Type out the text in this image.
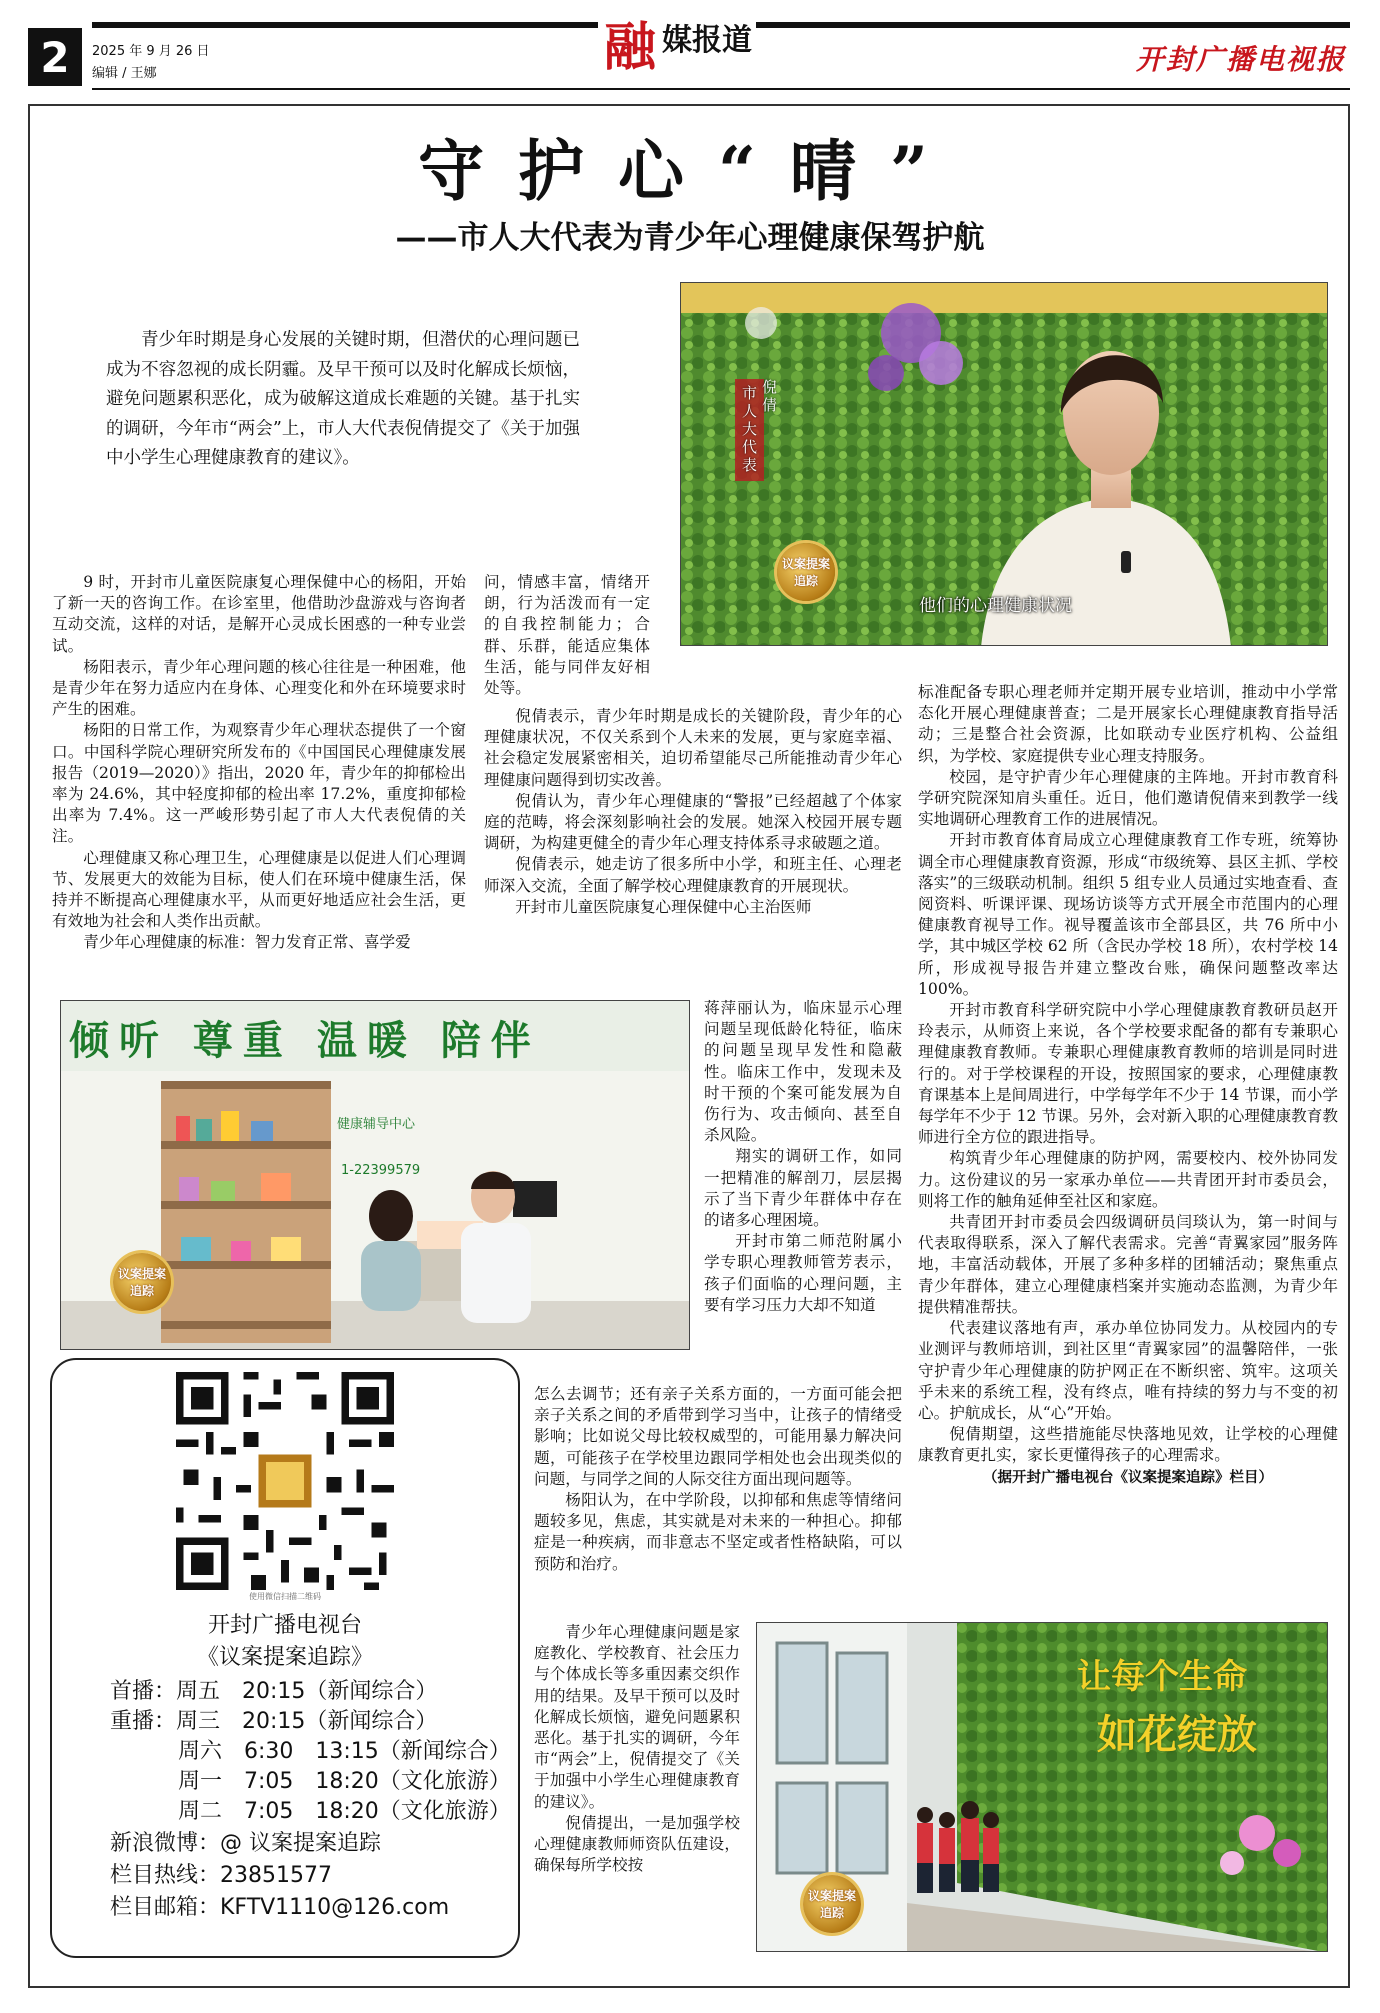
2	2025 年 9 月 26 日
编辑 / 王娜	融 媒报道
开封广播电视报
守护心“晴”
——市人大代表为青少年心理健康保驾护航
青少年时期是身心发展的关键时期，但潜伏的心理问题已成为不容忽视的成长阴霾。及早干预可以及时化解成长烦恼，避免问题累积恶化，成为破解这道成长难题的关键。基于扎实的调研，今年市“两会”上，市人大代表倪倩提交了《关于加强中小学生心理健康教育的建议》。	市人大代表 倪倩
议案提案追踪
他们的心理健康状况

9 时，开封市儿童医院康复心理保健中心的杨阳，开始了新一天的咨询工作。在诊室里，他借助沙盘游戏与咨询者互动交流，这样的对话，是解开心灵成长困惑的一种专业尝试。

杨阳表示，青少年心理问题的核心往往是一种困难，他是青少年在努力适应内在身体、心理变化和外在环境要求时产生的困难。

杨阳的日常工作，为观察青少年心理状态提供了一个窗口。中国科学院心理研究所发布的《中国国民心理健康发展报告（2019—2020）》指出，2020 年，青少年的抑郁检出率为 24.6%，其中轻度抑郁的检出率 17.2%，重度抑郁检出率为 7.4%。这一严峻形势引起了市人大代表倪倩的关注。

心理健康又称心理卫生，心理健康是以促进人们心理调节、发展更大的效能为目标，使人们在环境中健康生活，保持并不断提高心理健康水平，从而更好地适应社会生活，更有效地为社会和人类作出贡献。

青少年心理健康的标准：智力发育正常、喜学爱

问，情感丰富，情绪开朗，行为活泼而有一定的自我控制能力；合群、乐群，能适应集体生活，能与同伴友好相处等。

倪倩表示，青少年时期是成长的关键阶段，青少年的心理健康状况，不仅关系到个人未来的发展，更与家庭幸福、社会稳定发展紧密相关，迫切希望能尽己所能推动青少年心理健康问题得到切实改善。

倪倩认为，青少年心理健康的“警报”已经超越了个体家庭的范畴，将会深刻影响社会的发展。她深入校园开展专题调研，为构建更健全的青少年心理支持体系寻求破题之道。

倪倩表示，她走访了很多所中小学，和班主任、心理老师深入交流，全面了解学校心理健康教育的开展现状。

开封市儿童医院康复心理保健中心主治医师

倾听 尊重 温暖 陪伴
健康辅导中心
1-22399579
议案提案追踪

蒋萍丽认为，临床显示心理问题呈现低龄化特征，临床的问题呈现早发性和隐蔽性。临床工作中，发现未及时干预的个案可能发展为自伤行为、攻击倾向、甚至自杀风险。

翔实的调研工作，如同一把精准的解剖刀，层层揭示了当下青少年群体中存在的诸多心理困境。

开封市第二师范附属小学专职心理教师管芳表示，孩子们面临的心理问题，主要有学习压力大却不知道

怎么去调节；还有亲子关系方面的，一方面可能会把亲子关系之间的矛盾带到学习当中，让孩子的情绪受影响；比如说父母比较权威型的，可能用暴力解决问题，可能孩子在学校里边跟同学相处也会出现类似的问题，与同学之间的人际交往方面出现问题等。

杨阳认为，在中学阶段，以抑郁和焦虑等情绪问题较多见，焦虑，其实就是对未来的一种担心。抑郁症是一种疾病，而非意志不坚定或者性格缺陷，可以预防和治疗。

青少年心理健康问题是家庭教化、学校教育、社会压力与个体成长等多重因素交织作用的结果。及早干预可以及时化解成长烦恼，避免问题累积恶化。基于扎实的调研，今年市“两会”上，倪倩提交了《关于加强中小学生心理健康教育的建议》。

倪倩提出，一是加强学校心理健康教师师资队伍建设，确保每所学校按

标准配备专职心理老师并定期开展专业培训，推动中小学常态化开展心理健康普查；二是开展家长心理健康教育指导活动；三是整合社会资源，比如联动专业医疗机构、公益组织，为学校、家庭提供专业心理支持服务。

校园，是守护青少年心理健康的主阵地。开封市教育科学研究院深知肩头重任。近日，他们邀请倪倩来到教学一线实地调研心理教育工作的进展情况。

开封市教育体育局成立心理健康教育工作专班，统筹协调全市心理健康教育资源，形成“市级统筹、县区主抓、学校落实”的三级联动机制。组织 5 组专业人员通过实地查看、查阅资料、听课评课、现场访谈等方式开展全市范围内的心理健康教育视导工作。视导覆盖该市全部县区，共 76 所中小学，其中城区学校 62 所（含民办学校 18 所），农村学校 14 所，形成视导报告并建立整改台账，确保问题整改率达 100%。

开封市教育科学研究院中小学心理健康教育教研员赵开玲表示，从师资上来说，各个学校要求配备的都有专兼职心理健康教育教师。专兼职心理健康教育教师的培训是同时进行的。对于学校课程的开设，按照国家的要求，心理健康教育课基本上是间周进行，中学每学年不少于 14 节课，而小学每学年不少于 12 节课。另外，会对新入职的心理健康教育教师进行全方位的跟进指导。

构筑青少年心理健康的防护网，需要校内、校外协同发力。这份建议的另一家承办单位——共青团开封市委员会，则将工作的触角延伸至社区和家庭。

共青团开封市委员会四级调研员闫琰认为，第一时间与代表取得联系，深入了解代表需求。完善“青翼家园”服务阵地，丰富活动载体，开展了多种多样的团辅活动；聚焦重点青少年群体，建立心理健康档案并实施动态监测，为青少年提供精准帮扶。

代表建议落地有声，承办单位协同发力。从校园内的专业测评与教师培训，到社区里“青翼家园”的温馨陪伴，一张守护青少年心理健康的防护网正在不断织密、筑牢。这项关乎未来的系统工程，没有终点，唯有持续的努力与不变的初心。护航成长，从“心”开始。

倪倩期望，这些措施能尽快落地见效，让学校的心理健康教育更扎实，家长更懂得孩子的心理需求。

（据开封广播电视台《议案提案追踪》栏目）

让每个生命
如花绽放
议案提案追踪
使用微信扫描二维码
开封广播电视台
《议案提案追踪》
首播：周五　20:15（新闻综合）
重播：周三　20:15（新闻综合）
周六　6:30　13:15（新闻综合）
周一　7:05　18:20（文化旅游）
周二　7:05　18:20（文化旅游）
新浪微博：@ 议案提案追踪
栏目热线：23851577
栏目邮箱：KFTV1110@126.com
